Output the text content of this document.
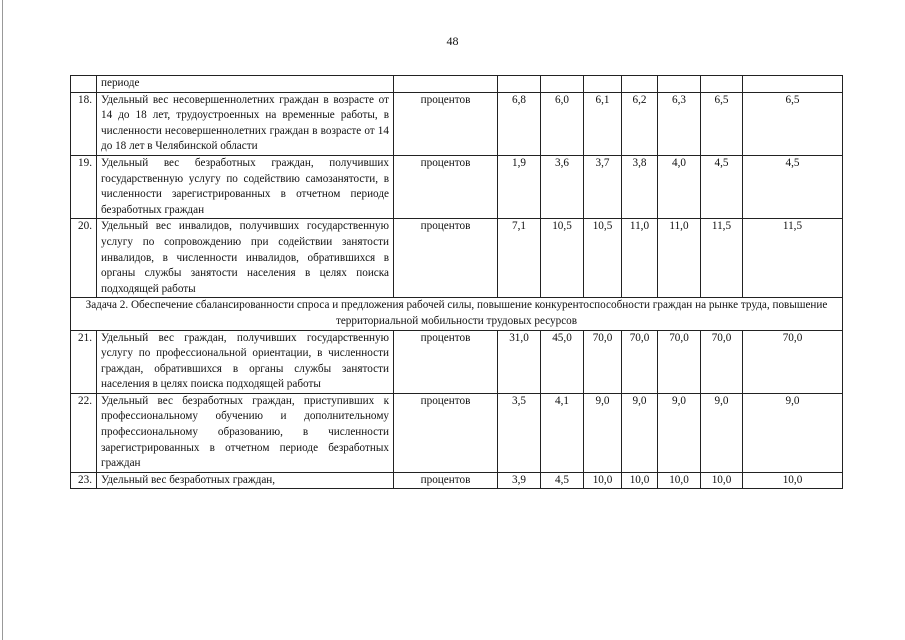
48
	периоде								
18.	Удельный вес несовершеннолетних граждан в возрасте от 14 до 18 лет, трудоустроенных на временные работы, в численности несовершеннолетних граждан в возрасте от 14 до 18 лет в Челябинской области	процентов	6,8	6,0	6,1	6,2	6,3	6,5	6,5
19.	Удельный вес безработных граждан, получивших государственную услугу по содействию самозанятости, в численности зарегистрированных в отчетном периоде безработных граждан	процентов	1,9	3,6	3,7	3,8	4,0	4,5	4,5
20.	Удельный вес инвалидов, получивших государственную услугу по сопровождению при содействии занятости инвалидов, в численности инвалидов, обратившихся в органы службы занятости населения в целях поиска подходящей работы	процентов	7,1	10,5	10,5	11,0	11,0	11,5	11,5
Задача 2. Обеспечение сбалансированности спроса и предложения рабочей силы, повышение конкурентоспособности граждан на рынке труда, повышение территориальной мобильности трудовых ресурсов									
21.	Удельный вес граждан, получивших государственную услугу по профессиональной ориентации, в численности граждан, обратившихся в органы службы занятости населения в целях поиска подходящей работы	процентов	31,0	45,0	70,0	70,0	70,0	70,0	70,0
22.	Удельный вес безработных граждан, приступивших к профессиональному обучению и дополнительному профессиональному образованию, в численности зарегистрированных в отчетном периоде безработных граждан	процентов	3,5	4,1	9,0	9,0	9,0	9,0	9,0
23.	Удельный вес безработных граждан,	процентов	3,9	4,5	10,0	10,0	10,0	10,0	10,0
